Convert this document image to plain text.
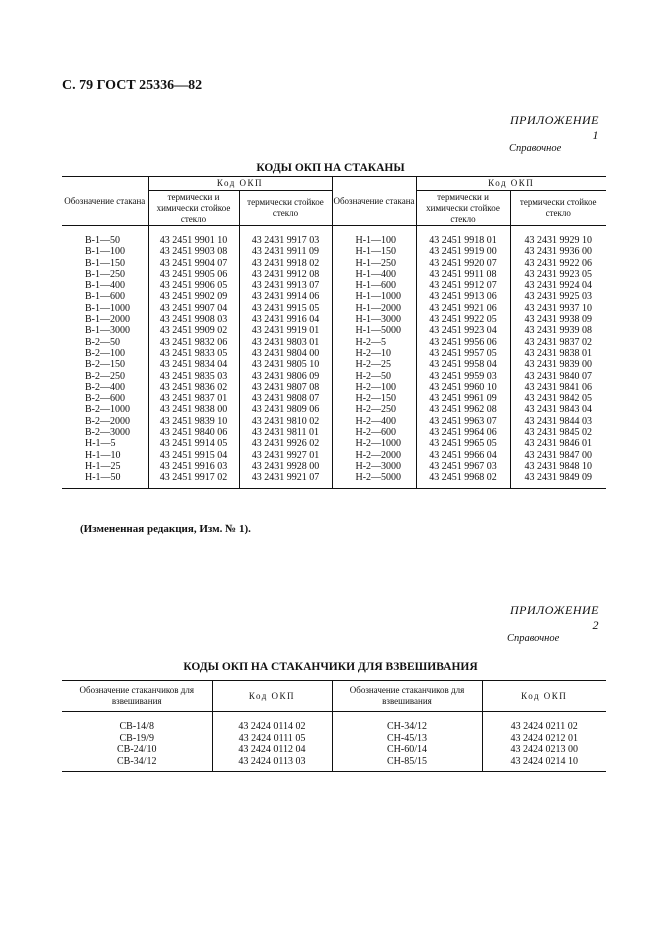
С. 79 ГОСТ 25336—82

ПРИЛОЖЕНИЕ 1
Справочное
КОДЫ ОКП НА СТАКАНЫ
Обозначение стакана	Код ОКП		Обозначение стакана	Код ОКП	
	термически и химически стойкое стекло	термически стойкое стекло		термически и химически стойкое стекло	термически стойкое стекло

В-1—50	43 2451 9901 10	43 2431 9917 03	Н-1—100	43 2451 9918 01	43 2431 9929 10
В-1—100	43 2451 9903 08	43 2431 9911 09	Н-1—150	43 2451 9919 00	43 2431 9936 00
В-1—150	43 2451 9904 07	43 2431 9918 02	Н-1—250	43 2451 9920 07	43 2431 9922 06
В-1—250	43 2451 9905 06	43 2431 9912 08	Н-1—400	43 2451 9911 08	43 2431 9923 05
В-1—400	43 2451 9906 05	43 2431 9913 07	Н-1—600	43 2451 9912 07	43 2431 9924 04
В-1—600	43 2451 9902 09	43 2431 9914 06	Н-1—1000	43 2451 9913 06	43 2431 9925 03
В-1—1000	43 2451 9907 04	43 2431 9915 05	Н-1—2000	43 2451 9921 06	43 2431 9937 10
В-1—2000	43 2451 9908 03	43 2431 9916 04	Н-1—3000	43 2451 9922 05	43 2431 9938 09
В-1—3000	43 2451 9909 02	43 2431 9919 01	Н-1—5000	43 2451 9923 04	43 2431 9939 08
В-2—50	43 2451 9832 06	43 2431 9803 01	Н-2—5	43 2451 9956 06	43 2431 9837 02
В-2—100	43 2451 9833 05	43 2431 9804 00	Н-2—10	43 2451 9957 05	43 2431 9838 01
В-2—150	43 2451 9834 04	43 2431 9805 10	Н-2—25	43 2451 9958 04	43 2431 9839 00
В-2—250	43 2451 9835 03	43 2431 9806 09	Н-2—50	43 2451 9959 03	43 2431 9840 07
В-2—400	43 2451 9836 02	43 2431 9807 08	Н-2—100	43 2451 9960 10	43 2431 9841 06
В-2—600	43 2451 9837 01	43 2431 9808 07	Н-2—150	43 2451 9961 09	43 2431 9842 05
В-2—1000	43 2451 9838 00	43 2431 9809 06	Н-2—250	43 2451 9962 08	43 2431 9843 04
В-2—2000	43 2451 9839 10	43 2431 9810 02	Н-2—400	43 2451 9963 07	43 2431 9844 03
В-2—3000	43 2451 9840 06	43 2431 9811 01	Н-2—600	43 2451 9964 06	43 2431 9845 02
Н-1—5	43 2451 9914 05	43 2431 9926 02	Н-2—1000	43 2451 9965 05	43 2431 9846 01
Н-1—10	43 2451 9915 04	43 2431 9927 01	Н-2—2000	43 2451 9966 04	43 2431 9847 00
Н-1—25	43 2451 9916 03	43 2431 9928 00	Н-2—3000	43 2451 9967 03	43 2431 9848 10
Н-1—50	43 2451 9917 02	43 2431 9921 07	Н-2—5000	43 2451 9968 02	43 2431 9849 09

(Измененная редакция, Изм. № 1).
ПРИЛОЖЕНИЕ 2
Справочное
КОДЫ ОКП НА СТАКАНЧИКИ ДЛЯ ВЗВЕШИВАНИЯ
Обозначение стаканчиков для взвешивания	Код ОКП	Обозначение стаканчиков для взвешивания	Код ОКП

СВ-14/8	43 2424 0114 02	СН-34/12	43 2424 0211 02
СВ-19/9	43 2424 0111 05	СН-45/13	43 2424 0212 01
СВ-24/10	43 2424 0112 04	СН-60/14	43 2424 0213 00
СВ-34/12	43 2424 0113 03	СН-85/15	43 2424 0214 10
